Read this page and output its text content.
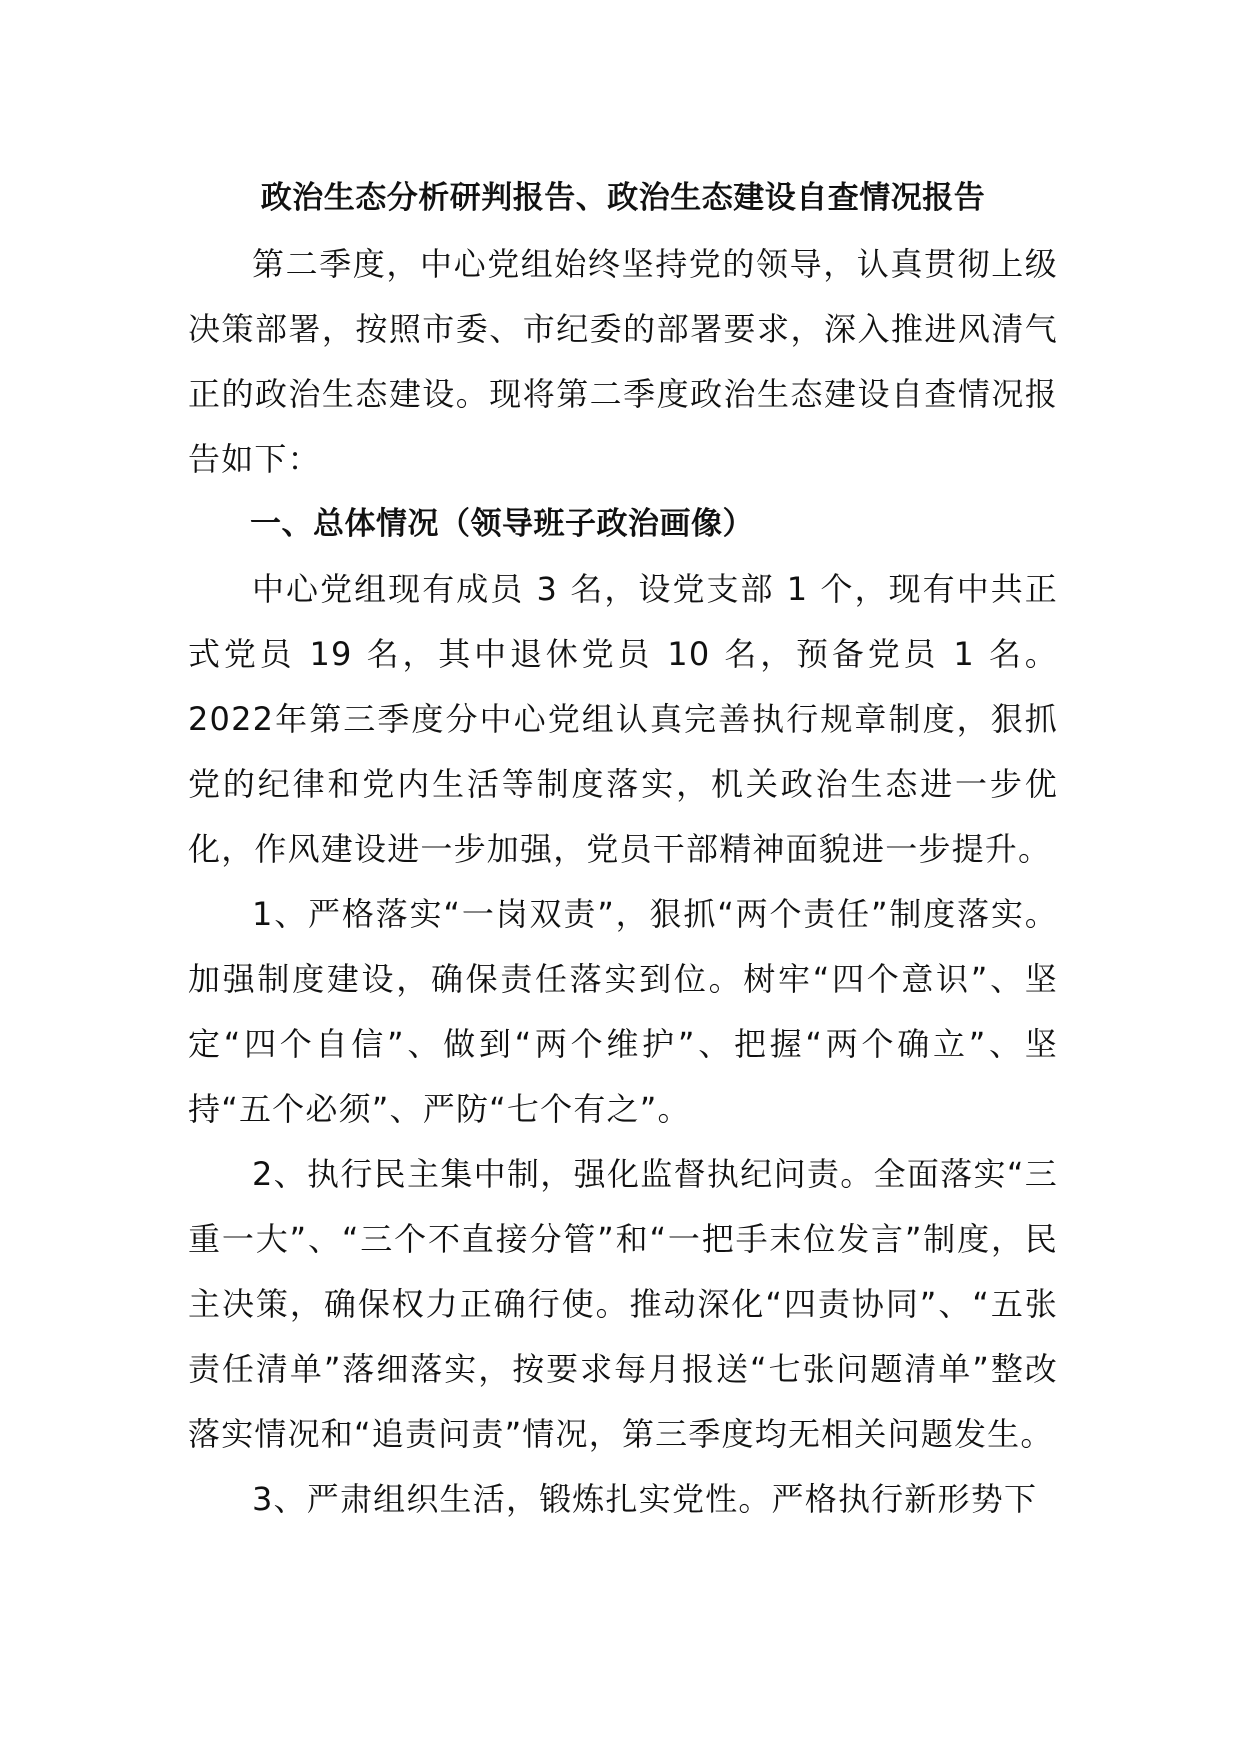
政治生态分析研判报告、政治生态建设自查情况报告

第二季度，中心党组始终坚持党的领导，认真贯彻上级决策部署，按照市委、市纪委的部署要求，深入推进风清气正的政治生态建设。现将第二季度政治生态建设自查情况报告如下：

一、总体情况（领导班子政治画像）

中心党组现有成员 3 名，设党支部 1 个，现有中共正式党员 19 名，其中退休党员 10 名，预备党员 1 名。2022年第三季度分中心党组认真完善执行规章制度，狠抓党的纪律和党内生活等制度落实，机关政治生态进一步优化，作风建设进一步加强，党员干部精神面貌进一步提升。

1、严格落实“一岗双责”，狠抓“两个责任”制度落实。加强制度建设，确保责任落实到位。树牢“四个意识”、坚定“四个自信”、做到“两个维护”、把握“两个确立”、坚持“五个必须”、严防“七个有之”。

2、执行民主集中制，强化监督执纪问责。全面落实“三重一大”、“三个不直接分管”和“一把手末位发言”制度，民主决策，确保权力正确行使。推动深化“四责协同”、“五张责任清单”落细落实，按要求每月报送“七张问题清单”整改落实情况和“追责问责”情况，第三季度均无相关问题发生。

3、严肃组织生活，锻炼扎实党性。严格执行新形势下
